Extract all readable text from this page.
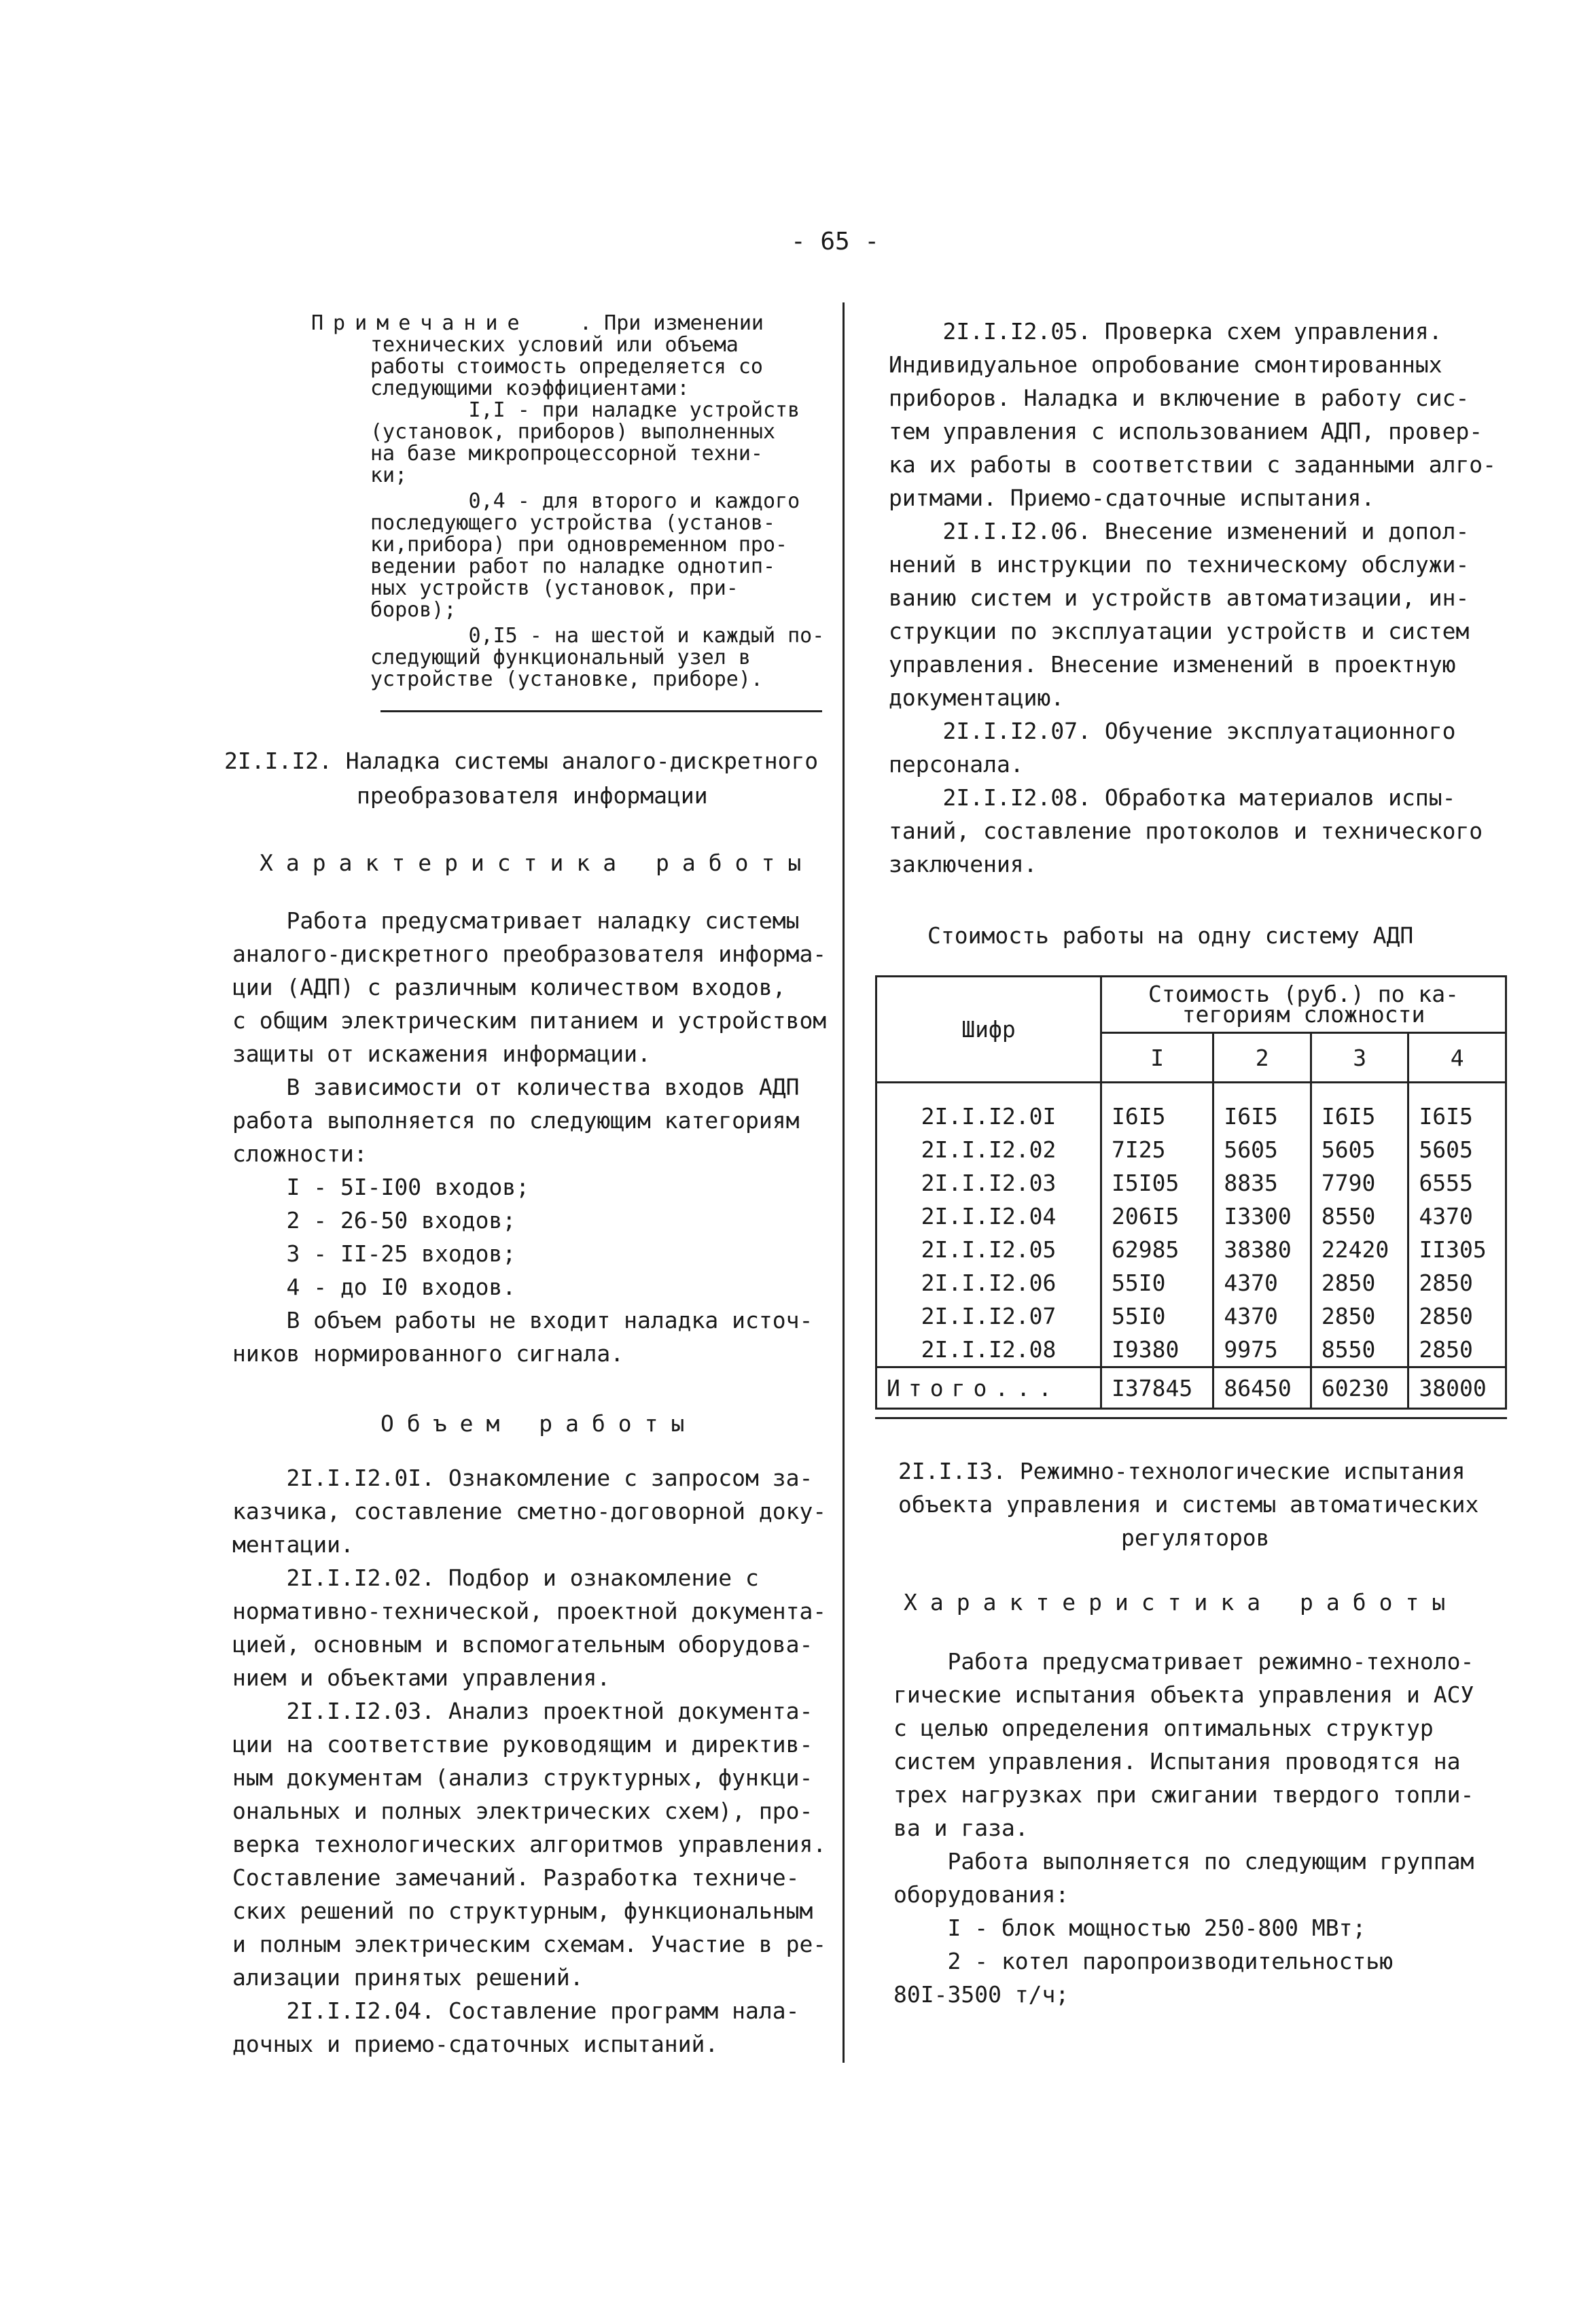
- 65 -
Примечание . При изменении
технических условий или объема
работы стоимость определяется со
следующими коэффициентами:
I,I - при наладке устройств
(установок, приборов) выполненных
на базе микропроцессорной техни-
ки;
0,4 - для второго и каждого
последующего устройства (установ-
ки,прибора) при одновременном про-
ведении работ по наладке однотип-
ных устройств (установок, при-
боров);
0,I5 - на шестой и каждый по-
следующий функциональный узел в
устройстве (установке, приборе).
2I.I.I2. Наладка системы аналого-дискретного
преобразователя информации
Характеристика работы
Работа предусматривает наладку системы
аналого-дискретного преобразователя информа-
ции (АДП) с различным количеством входов,
с общим электрическим питанием и устройством
защиты от искажения информации.
В зависимости от количества входов АДП
работа выполняется по следующим категориям
сложности:
I - 5I-I00 входов;
2 - 26-50 входов;
3 - II-25 входов;
4 - до I0 входов.
В объем работы не входит наладка источ-
ников нормированного сигнала.
Объем работы
2I.I.I2.0I. Ознакомление с запросом за-
казчика, составление сметно-договорной доку-
ментации.
2I.I.I2.02. Подбор и ознакомление с
нормативно-технической, проектной документа-
цией, основным и вспомогательным оборудова-
нием и объектами управления.
2I.I.I2.03. Анализ проектной документа-
ции на соответствие руководящим и директив-
ным документам (анализ структурных, функци-
ональных и полных электрических схем), про-
верка технологических алгоритмов управления.
Составление замечаний. Разработка техниче-
ских решений по структурным, функциональным
и полным электрическим схемам. Участие в ре-
ализации принятых решений.
2I.I.I2.04. Составление программ нала-
дочных и приемо-сдаточных испытаний.
2I.I.I2.05. Проверка схем управления.
Индивидуальное опробование смонтированных
приборов. Наладка и включение в работу сис-
тем управления с использованием АДП, провер-
ка их работы в соответствии с заданными алго-
ритмами. Приемо-сдаточные испытания.
2I.I.I2.06. Внесение изменений и допол-
нений в инструкции по техническому обслужи-
ванию систем и устройств автоматизации, ин-
струкции по эксплуатации устройств и систем
управления. Внесение изменений в проектную
документацию.
2I.I.I2.07. Обучение эксплуатационного
персонала.
2I.I.I2.08. Обработка материалов испы-
таний, составление протоколов и технического
заключения.
Стоимость работы на одну систему АДП
Шифр	Стоимость (руб.) по ка-
тегориям сложности			

	I	2	3	4
2I.I.I2.0I	I6I5	I6I5	I6I5	I6I5
2I.I.I2.02	7I25	5605	5605	5605
2I.I.I2.03	I5I05	8835	7790	6555
2I.I.I2.04	206I5	I3300	8550	4370
2I.I.I2.05	62985	38380	22420	II305
2I.I.I2.06	55I0	4370	2850	2850
2I.I.I2.07	55I0	4370	2850	2850
2I.I.I2.08	I9380	9975	8550	2850
Итого...	I37845	86450	60230	38000
2I.I.I3. Режимно-технологические испытания
объекта управления и системы автоматических
регуляторов
Характеристика работы
Работа предусматривает режимно-техноло-
гические испытания объекта управления и АСУ
с целью определения оптимальных структур
систем управления. Испытания проводятся на
трех нагрузках при сжигании твердого топли-
ва и газа.
Работа выполняется по следующим группам
оборудования:
I - блок мощностью 250-800 МВт;
2 - котел паропроизводительностью
80I-3500 т/ч;
